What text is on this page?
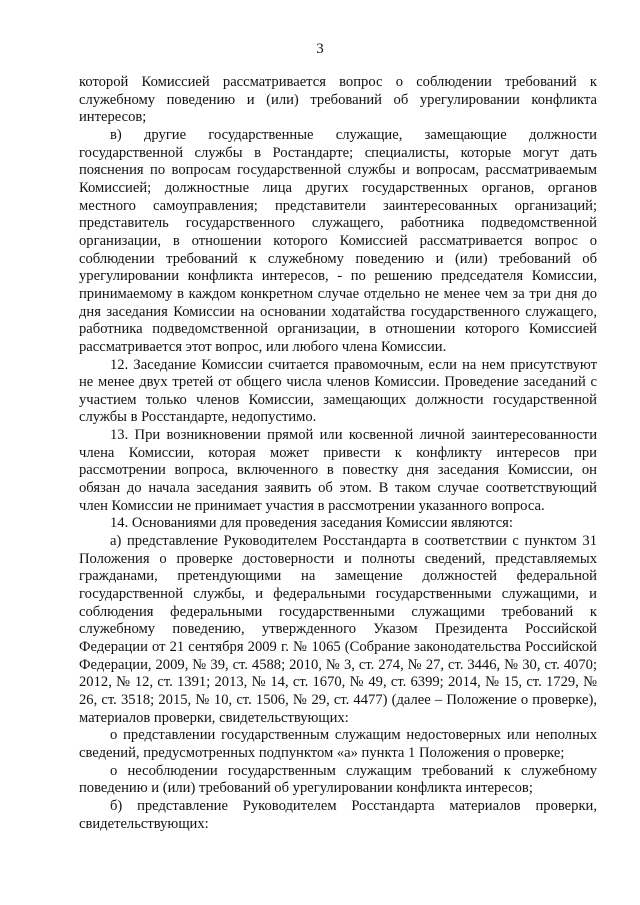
3

которой Комиссией рассматривается вопрос о соблюдении требований к служебному поведению и (или) требований об урегулировании конфликта интересов;

в) другие государственные служащие, замещающие должности государственной службы в Ростандарте; специалисты, которые могут дать пояснения по вопросам государственной службы и вопросам, рассматриваемым Комиссией; должностные лица других государственных органов, органов местного самоуправления; представители заинтересованных организаций; представитель государственного служащего, работника подведомственной организации, в отношении которого Комиссией рассматривается вопрос о соблюдении требований к служебному поведению и (или) требований об урегулировании конфликта интересов, - по решению председателя Комиссии, принимаемому в каждом конкретном случае отдельно не менее чем за три дня до дня заседания Комиссии на основании ходатайства государственного служащего, работника подведомственной организации, в отношении которого Комиссией рассматривается этот вопрос, или любого члена Комиссии.

12. Заседание Комиссии считается правомочным, если на нем присутствуют не менее двух третей от общего числа членов Комиссии. Проведение заседаний с участием только членов Комиссии, замещающих должности государственной службы в Росстандарте, недопустимо.

13. При возникновении прямой или косвенной личной заинтересованности члена Комиссии, которая может привести к конфликту интересов при рассмотрении вопроса, включенного в повестку дня заседания Комиссии, он обязан до начала заседания заявить об этом. В таком случае соответствующий член Комиссии не принимает участия в рассмотрении указанного вопроса.

14. Основаниями для проведения заседания Комиссии являются:

а) представление Руководителем Росстандарта в соответствии с пунктом 31 Положения о проверке достоверности и полноты сведений, представляемых гражданами, претендующими на замещение должностей федеральной государственной службы, и федеральными государственными служащими, и соблюдения федеральными государственными служащими требований к служебному поведению, утвержденного Указом Президента Российской Федерации от 21 сентября 2009 г. № 1065 (Собрание законодательства Российской Федерации, 2009, № 39, ст. 4588; 2010, № 3, ст. 274, № 27, ст. 3446, № 30, ст. 4070; 2012, № 12, ст. 1391; 2013, № 14, ст. 1670, № 49, ст. 6399; 2014, № 15, ст. 1729, № 26, ст. 3518; 2015, № 10, ст. 1506, № 29, ст. 4477) (далее – Положение о проверке), материалов проверки, свидетельствующих:

о представлении государственным служащим недостоверных или неполных сведений, предусмотренных подпунктом «а» пункта 1 Положения о проверке;

о несоблюдении государственным служащим требований к служебному поведению и (или) требований об урегулировании конфликта интересов;

б) представление Руководителем Росстандарта материалов проверки, свидетельствующих:
